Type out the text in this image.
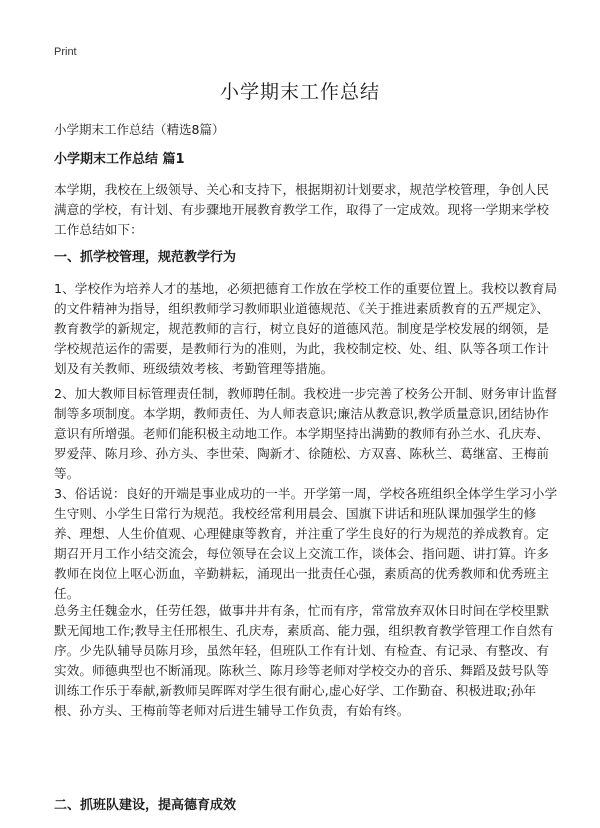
Print
小学期末工作总结

小学期末工作总结（精选8篇）

小学期末工作总结 篇1

本学期，我校在上级领导、关心和支持下，根据期初计划要求，规范学校管理，争创人民满意的学校，有计划、有步骤地开展教育教学工作，取得了一定成效。现将一学期来学校工作总结如下：

一、抓学校管理，规范教学行为

1、学校作为培养人才的基地，必须把德育工作放在学校工作的重要位置上。我校以教育局的文件精神为指导，组织教师学习教师职业道德规范、《关于推进素质教育的五严规定》、教育教学的新规定，规范教师的言行，树立良好的道德风范。制度是学校发展的纲领，是学校规范运作的需要，是教师行为的准则，为此，我校制定校、处、组、队等各项工作计划及有关教师、班级绩效考核、考勤管理等措施。

2、加大教师目标管理责任制，教师聘任制。我校进一步完善了校务公开制、财务审计监督制等多项制度。本学期，教师责任、为人师表意识;廉洁从教意识,教学质量意识,团结协作意识有所增强。老师们能积极主动地工作。本学期坚持出满勤的教师有孙兰水、孔庆寿、罗爱萍、陈月珍、孙方头、李世荣、陶新才、徐随松、方双喜、陈秋兰、葛继富、王梅前等。

3、俗话说：良好的开端是事业成功的一半。开学第一周，学校各班组织全体学生学习小学生守则、小学生日常行为规范。我校经常利用晨会、国旗下讲话和班队课加强学生的修养、理想、人生价值观、心理健康等教育，并注重了学生良好的行为规范的养成教育。定期召开月工作小结交流会，每位领导在会议上交流工作，谈体会、指问题、讲打算。许多教师在岗位上呕心沥血，辛勤耕耘，涌现出一批责任心强，素质高的优秀教师和优秀班主任。

总务主任魏金水，任劳任怨，做事井井有条，忙而有序，常常放弃双休日时间在学校里默默无闻地工作;教导主任邢根生、孔庆寿，素质高、能力强，组织教育教学管理工作自然有序。少先队辅导员陈月珍，虽然年轻，但班队工作有计划、有检查、有记录、有整改、有实效。师德典型也不断涌现。陈秋兰、陈月珍等老师对学校交办的音乐、舞蹈及鼓号队等训练工作乐于奉献,新教师吴晖晖对学生很有耐心,虚心好学、工作勤奋、积极进取;孙年根、孙方头、王梅前等老师对后进生辅导工作负责，有始有终。

二、抓班队建设，提高德育成效
